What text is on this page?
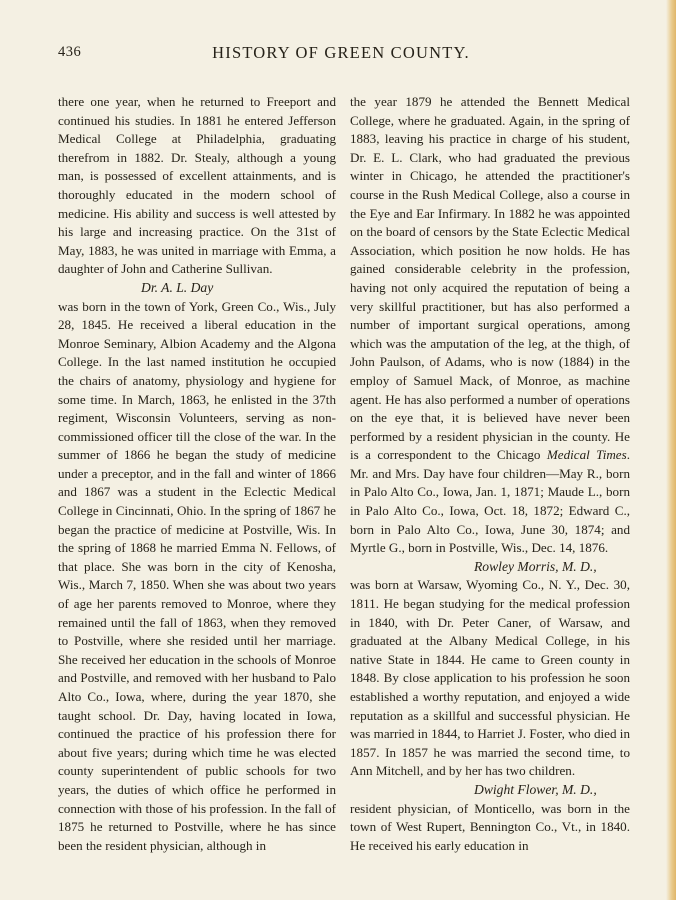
436	HISTORY OF GREEN COUNTY.

there one year, when he returned to Freeport and continued his studies. In 1881 he entered Jefferson Medical College at Philadelphia, graduating therefrom in 1882. Dr. Stealy, although a young man, is possessed of excellent attainments, and is thoroughly educated in the modern school of medicine. His ability and success is well attested by his large and increasing practice. On the 31st of May, 1883, he was united in marriage with Emma, a daughter of John and Catherine Sullivan.

Dr. A. L. Day

was born in the town of York, Green Co., Wis., July 28, 1845. He received a liberal education in the Monroe Seminary, Albion Academy and the Algona College. In the last named institution he occupied the chairs of anatomy, physiology and hygiene for some time. In March, 1863, he enlisted in the 37th regiment, Wisconsin Volunteers, serving as non-commissioned officer till the close of the war. In the summer of 1866 he began the study of medicine under a preceptor, and in the fall and winter of 1866 and 1867 was a student in the Eclectic Medical College in Cincinnati, Ohio. In the spring of 1867 he began the practice of medicine at Postville, Wis. In the spring of 1868 he married Emma N. Fellows, of that place. She was born in the city of Kenosha, Wis., March 7, 1850. When she was about two years of age her parents removed to Monroe, where they remained until the fall of 1863, when they removed to Postville, where she resided until her marriage. She received her education in the schools of Monroe and Postville, and removed with her husband to Palo Alto Co., Iowa, where, during the year 1870, she taught school. Dr. Day, having located in Iowa, continued the practice of his profession there for about five years; during which time he was elected county superintendent of public schools for two years, the duties of which office he performed in connection with those of his profession. In the fall of 1875 he returned to Postville, where he has since been the resident physician, although in

the year 1879 he attended the Bennett Medical College, where he graduated. Again, in the spring of 1883, leaving his practice in charge of his student, Dr. E. L. Clark, who had graduated the previous winter in Chicago, he attended the practitioner's course in the Rush Medical College, also a course in the Eye and Ear Infirmary. In 1882 he was appointed on the board of censors by the State Eclectic Medical Association, which position he now holds. He has gained considerable celebrity in the profession, having not only acquired the reputation of being a very skillful practitioner, but has also performed a number of important surgical operations, among which was the amputation of the leg, at the thigh, of John Paulson, of Adams, who is now (1884) in the employ of Samuel Mack, of Monroe, as machine agent. He has also performed a number of operations on the eye that, it is believed have never been performed by a resident physician in the county. He is a correspondent to the Chicago Medical Times. Mr. and Mrs. Day have four children—May R., born in Palo Alto Co., Iowa, Jan. 1, 1871; Maude L., born in Palo Alto Co., Iowa, Oct. 18, 1872; Edward C., born in Palo Alto Co., Iowa, June 30, 1874; and Myrtle G., born in Postville, Wis., Dec. 14, 1876.

Rowley Morris, M. D.,

was born at Warsaw, Wyoming Co., N. Y., Dec. 30, 1811. He began studying for the medical profession in 1840, with Dr. Peter Caner, of Warsaw, and graduated at the Albany Medical College, in his native State in 1844. He came to Green county in 1848. By close application to his profession he soon established a worthy reputation, and enjoyed a wide reputation as a skillful and successful physician. He was married in 1844, to Harriet J. Foster, who died in 1857. In 1857 he was married the second time, to Ann Mitchell, and by her has two children.

Dwight Flower, M. D.,

resident physician, of Monticello, was born in the town of West Rupert, Bennington Co., Vt., in 1840. He received his early education in
